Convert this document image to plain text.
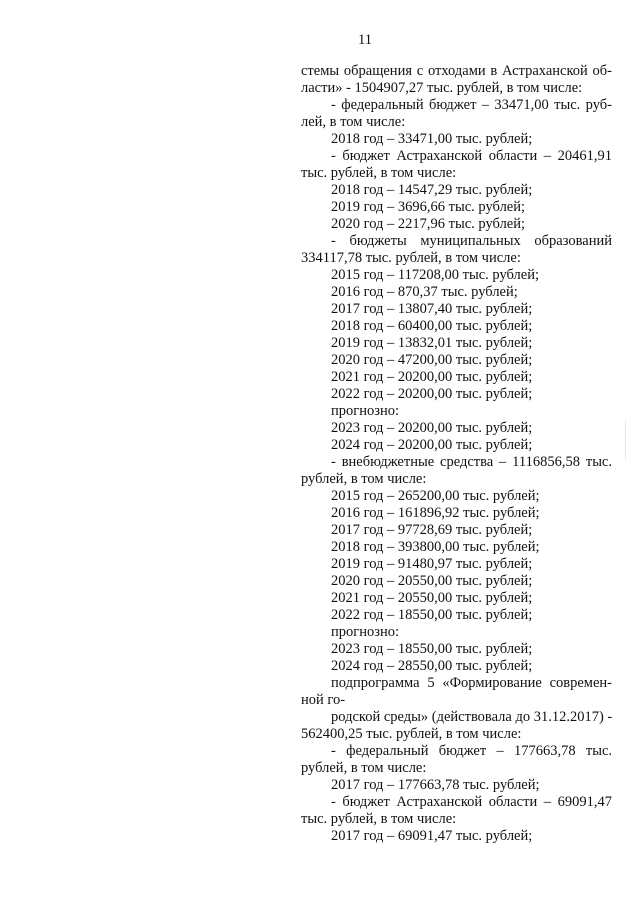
11
стемы обращения с отходами в Астраханской об-
ласти» - 1504907,27 тыс. рублей, в том числе:
- федеральный бюджет – 33471,00 тыс. руб-
лей, в том числе:
2018 год – 33471,00 тыс. рублей;
- бюджет Астраханской области – 20461,91
тыс. рублей, в том числе:
2018 год – 14547,29 тыс. рублей;
2019 год – 3696,66 тыс. рублей;
2020 год – 2217,96 тыс. рублей;
- бюджеты муниципальных образований
334117,78 тыс. рублей, в том числе:
2015 год – 117208,00 тыс. рублей;
2016 год – 870,37 тыс. рублей;
2017 год – 13807,40 тыс. рублей;
2018 год – 60400,00 тыс. рублей;
2019 год – 13832,01 тыс. рублей;
2020 год – 47200,00 тыс. рублей;
2021 год – 20200,00 тыс. рублей;
2022 год – 20200,00 тыс. рублей;
прогнозно:
2023 год – 20200,00 тыс. рублей;
2024 год – 20200,00 тыс. рублей;
- внебюджетные средства – 1116856,58 тыс.
рублей, в том числе:
2015 год – 265200,00 тыс. рублей;
2016 год – 161896,92 тыс. рублей;
2017 год – 97728,69 тыс. рублей;
2018 год – 393800,00 тыс. рублей;
2019 год – 91480,97 тыс. рублей;
2020 год – 20550,00 тыс. рублей;
2021 год – 20550,00 тыс. рублей;
2022 год – 18550,00 тыс. рублей;
прогнозно:
2023 год – 18550,00 тыс. рублей;
2024 год – 28550,00 тыс. рублей;
подпрограмма 5 «Формирование современ-
ной го-
родской среды» (действовала до 31.12.2017) -
562400,25 тыс. рублей, в том числе:
- федеральный бюджет – 177663,78 тыс.
рублей, в том числе:
2017 год – 177663,78 тыс. рублей;
- бюджет Астраханской области – 69091,47
тыс. рублей, в том числе:
2017 год – 69091,47 тыс. рублей;
